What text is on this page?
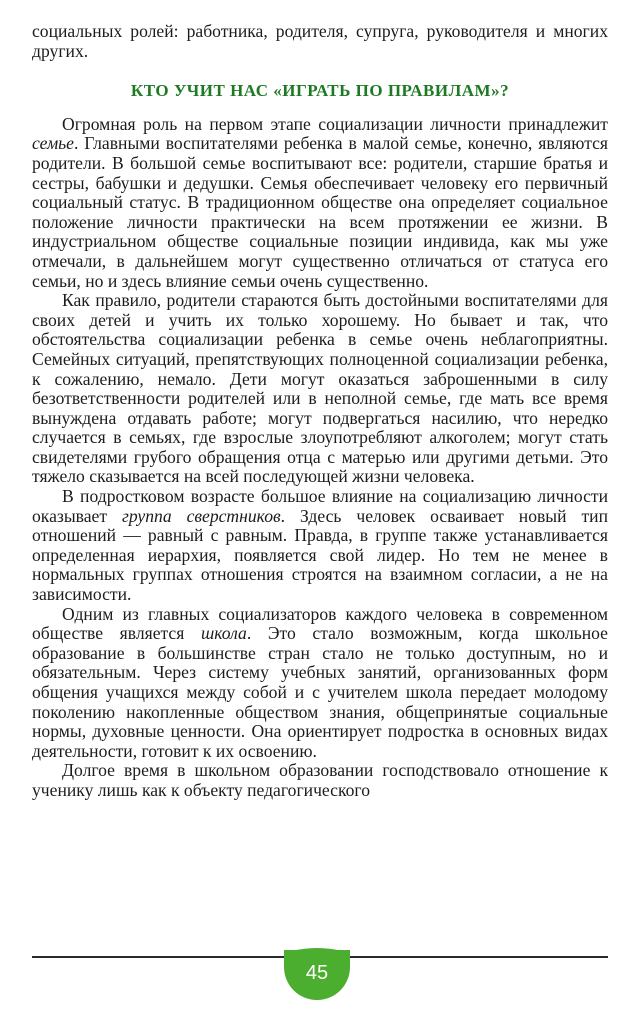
социальных ролей: работника, родителя, супруга, руководителя и многих других.

КТО УЧИТ НАС «ИГРАТЬ ПО ПРАВИЛАМ»?

Огромная роль на первом этапе социализации личности принадлежит семье. Главными воспитателями ребенка в малой семье, конечно, являются родители. В большой семье воспитывают все: родители, старшие братья и сестры, бабушки и дедушки. Семья обеспечивает человеку его первичный социальный статус. В традиционном обществе она определяет социальное положение личности практически на всем протяжении ее жизни. В индустриальном обществе социальные позиции индивида, как мы уже отмечали, в дальнейшем могут существенно отличаться от статуса его семьи, но и здесь влияние семьи очень существенно.

Как правило, родители стараются быть достойными воспитателями для своих детей и учить их только хорошему. Но бывает и так, что обстоятельства социализации ребенка в семье очень неблагоприятны. Семейных ситуаций, препятствующих полноценной социализации ребенка, к сожалению, немало. Дети могут оказаться заброшенными в силу безответственности родителей или в неполной семье, где мать все время вынуждена отдавать работе; могут подвергаться насилию, что нередко случается в семьях, где взрослые злоупотребляют алкоголем; могут стать свидетелями грубого обращения отца с матерью или другими детьми. Это тяжело сказывается на всей последующей жизни человека.

В подростковом возрасте большое влияние на социализацию личности оказывает группа сверстников. Здесь человек осваивает новый тип отношений — равный с равным. Правда, в группе также устанавливается определенная иерархия, появляется свой лидер. Но тем не менее в нормальных группах отношения строятся на взаимном согласии, а не на зависимости.

Одним из главных социализаторов каждого человека в современном обществе является школа. Это стало возможным, когда школьное образование в большинстве стран стало не только доступным, но и обязательным. Через систему учебных занятий, организованных форм общения учащихся между собой и с учителем школа передает молодому поколению накопленные обществом знания, общепринятые социальные нормы, духовные ценности. Она ориентирует подростка в основных видах деятельности, готовит к их освоению.

Долгое время в школьном образовании господствовало отношение к ученику лишь как к объекту педагогического

45
